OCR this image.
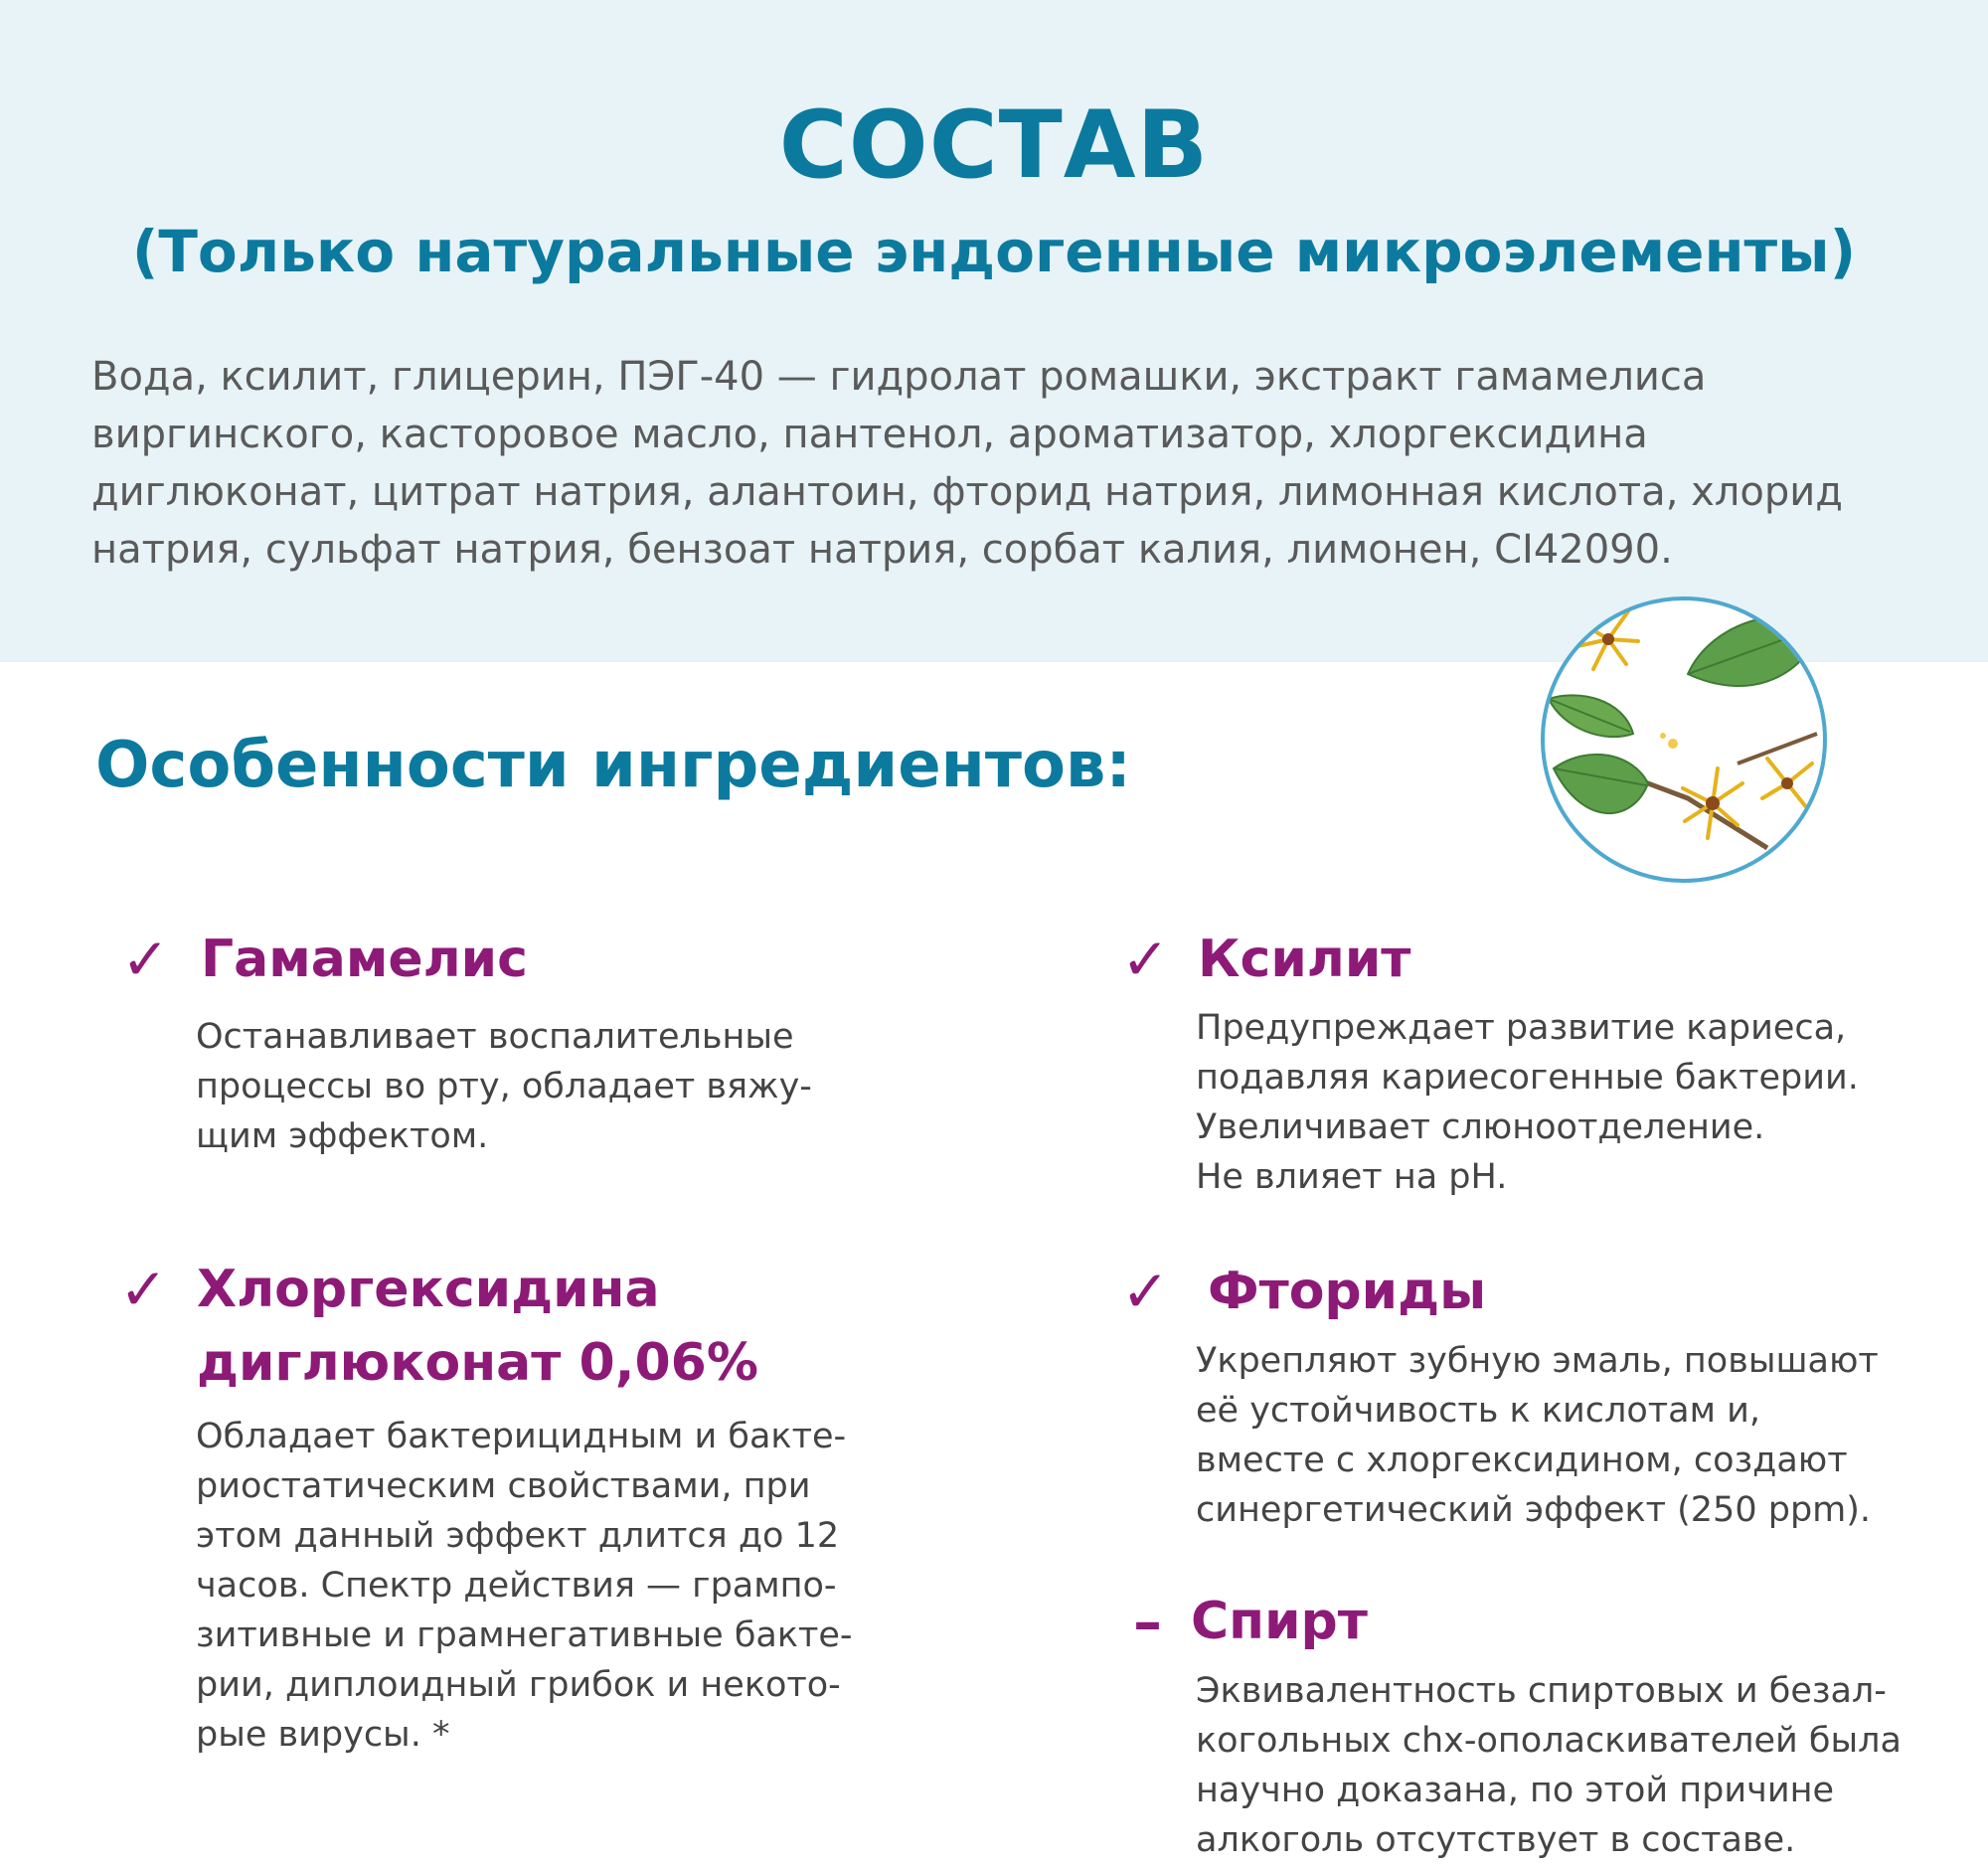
СОСТАВ
(Только натуральные эндогенные микроэлементы)
Вода, ксилит, глицерин, ПЭГ-40 — гидролат ромашки, экстракт гамамелиса виргинского, касторовое масло, пантенол, ароматизатор, хлоргексидина диглюконат, цитрат натрия, алантоин, фторид натрия, лимонная кислота, хлорид натрия, сульфат натрия, бензоат натрия, сорбат калия, лимонен, CI42090.
Особенности ингредиентов:
✓ Гамамелис
Останавливает воспалительные
процессы во рту, обладает вяжу-
щим эффектом.
✓ Ксилит
Предупреждает развитие кариеса,
подавляя кариесогенные бактерии.
Увеличивает слюноотделение.
Не влияет на pH.
✓ Хлоргексидина
диглюконат 0,06%
Обладает бактерицидным и бакте-
риостатическим свойствами, при
этом данный эффект длится до 12
часов. Спектр действия — грампо-
зитивные и грамнегативные бакте-
рии, диплоидный грибок и некото-
рые вирусы. *
✓ Фториды
Укрепляют зубную эмаль, повышают
eё устойчивость к кислотам и,
вместе с хлоргексидином, создают
синергетический эффект (250 ppm).
– Спирт
Эквивалентность спиртовых и безал-
когольных chx-ополаскивателей была
научно доказана, по этой причине
алкоголь отсутствует в составе.
